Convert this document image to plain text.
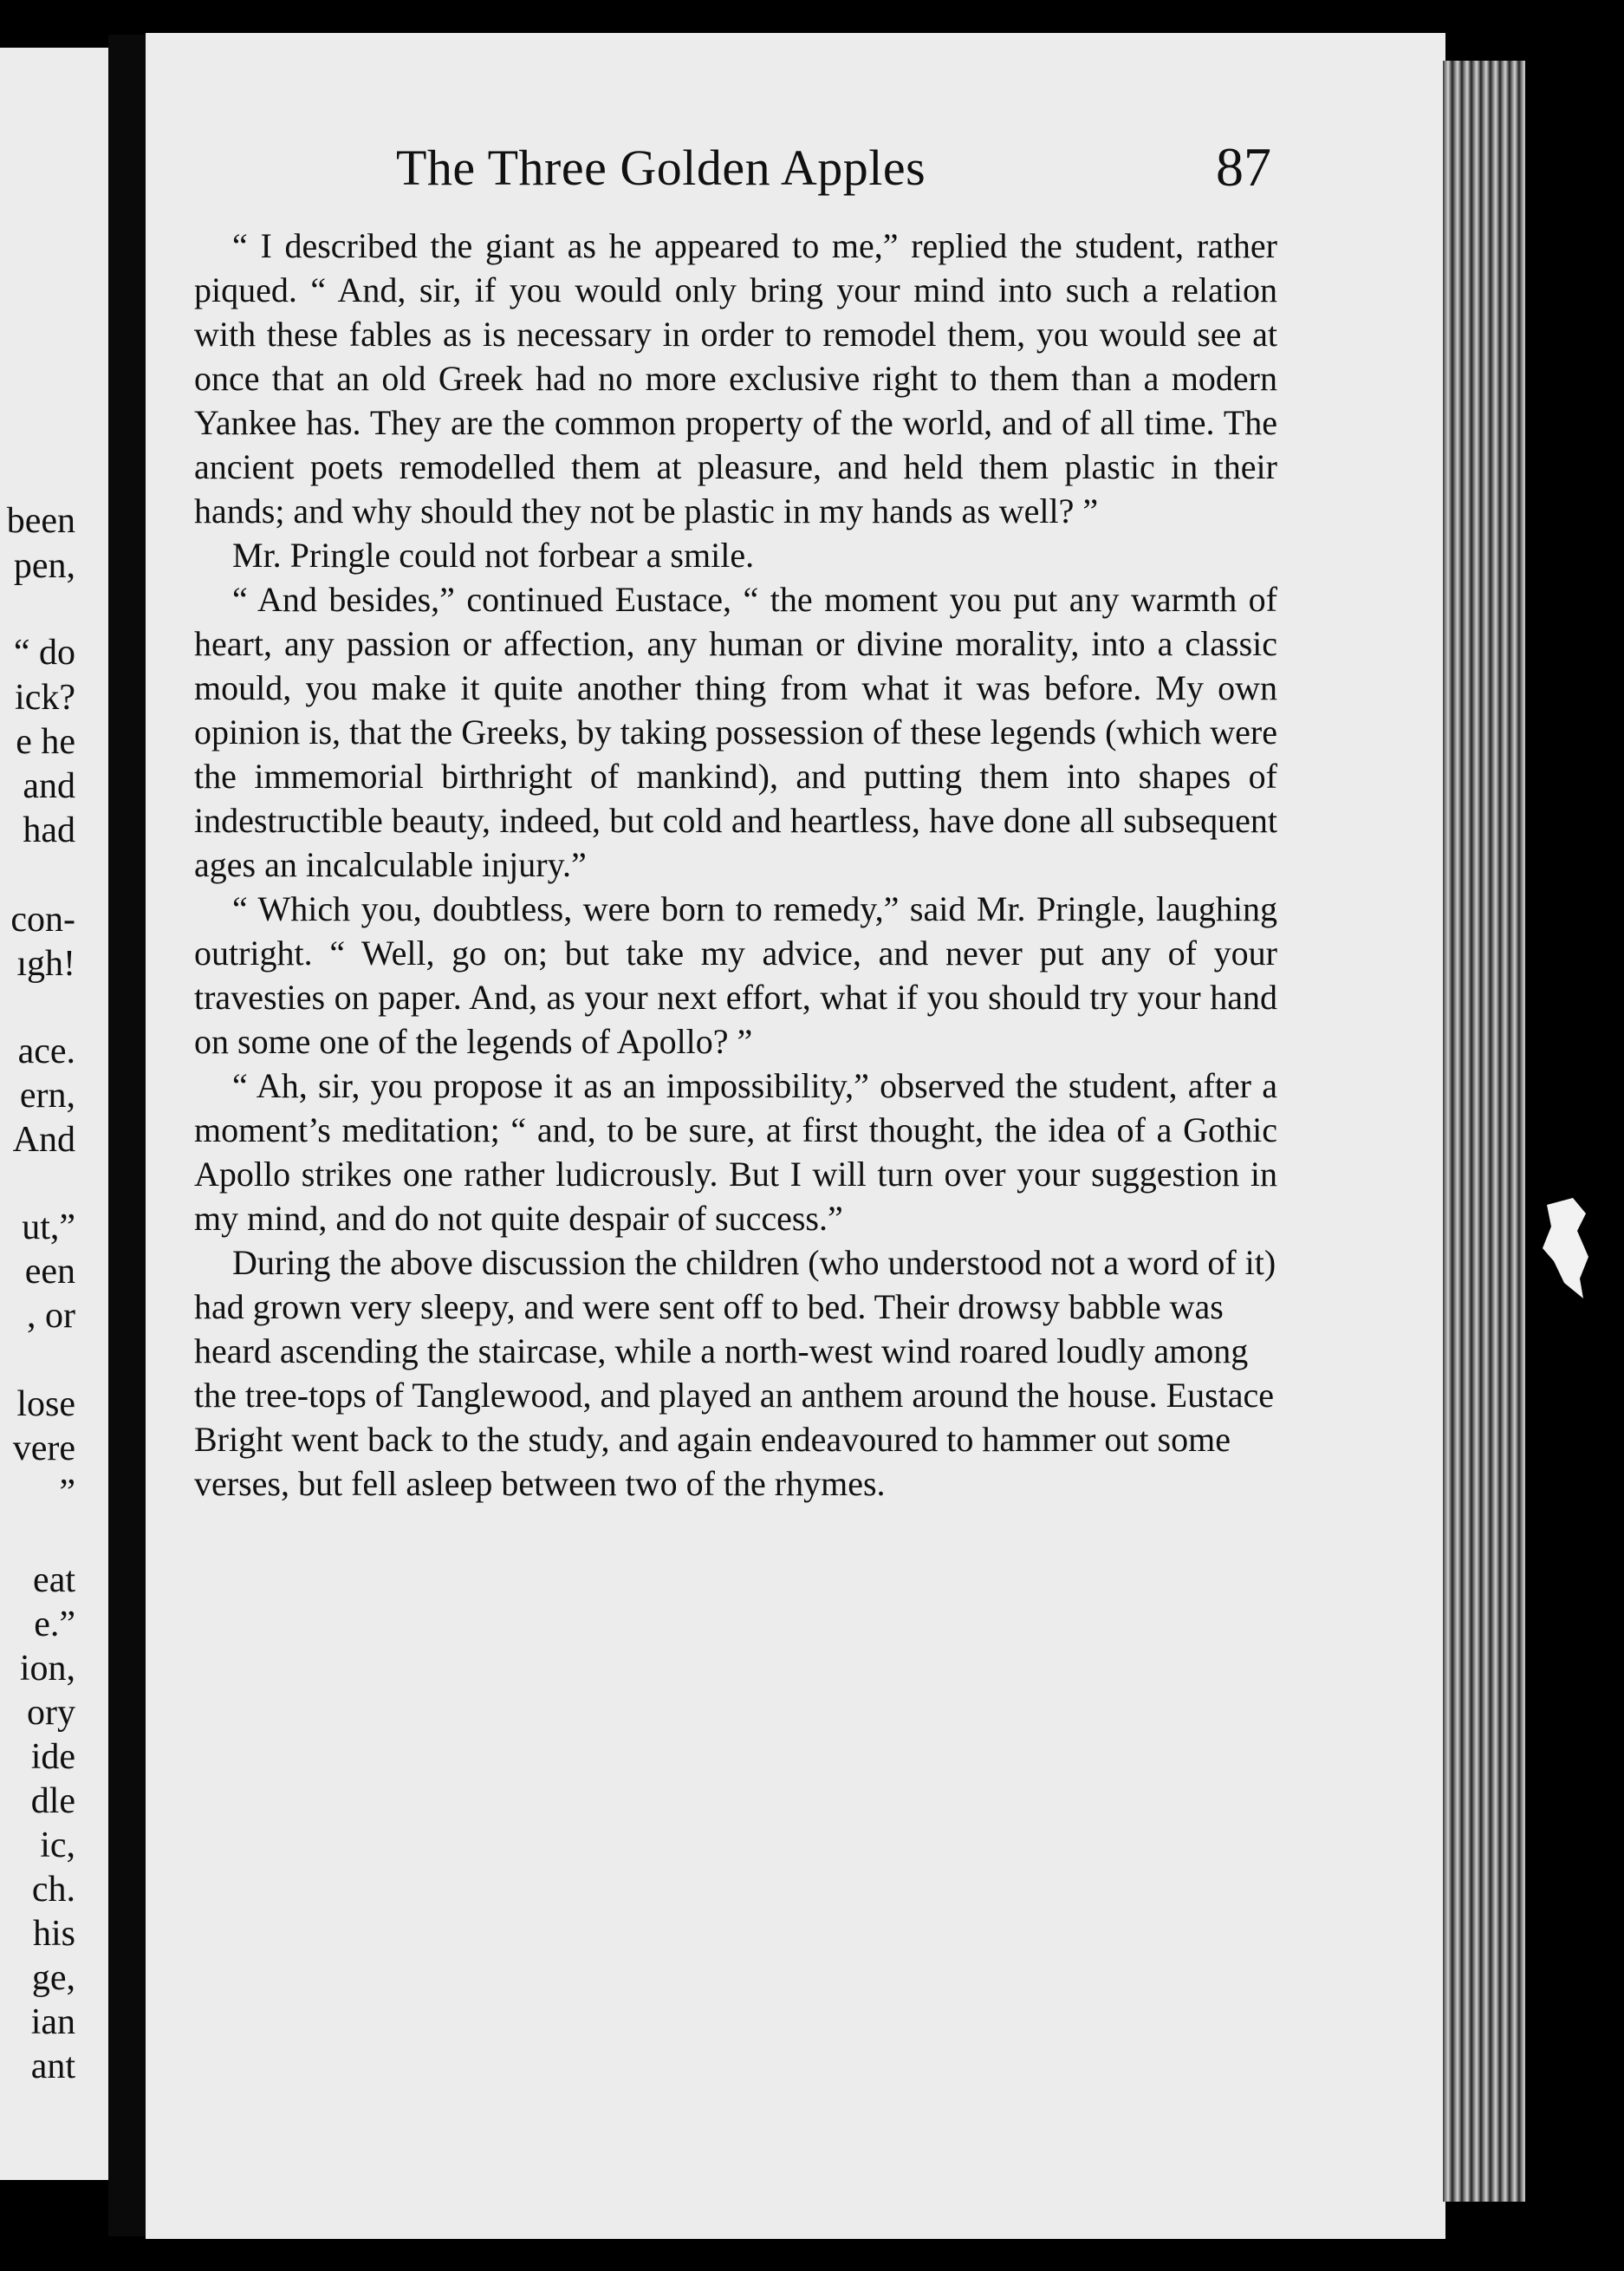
been
pen,
“ do
ick?
e he
and
had
con-
ıgh!
ace.
ern,
And
ut,”
een
, or
lose
vere
”
eat
e.”
ion,
ory
ide
dle
ic,
ch.
his
ge,
ian
ant
The Three Golden Apples	87

“ I described the giant as he appeared to me,” replied the student, rather piqued. “ And, sir, if you would only bring your mind into such a relation with these fables as is necessary in order to remodel them, you would see at once that an old Greek had no more exclusive right to them than a modern Yankee has. They are the common property of the world, and of all time. The ancient poets remodelled them at pleasure, and held them plastic in their hands; and why should they not be plastic in my hands as well? ”

Mr. Pringle could not forbear a smile.

“ And besides,” continued Eustace, “ the moment you put any warmth of heart, any passion or affection, any human or divine morality, into a classic mould, you make it quite another thing from what it was before. My own opinion is, that the Greeks, by taking possession of these legends (which were the immemorial birthright of mankind), and putting them into shapes of indestructible beauty, indeed, but cold and heartless, have done all subsequent ages an incalculable injury.”

“ Which you, doubtless, were born to remedy,” said Mr. Pringle, laughing outright. “ Well, go on; but take my advice, and never put any of your travesties on paper. And, as your next effort, what if you should try your hand on some one of the legends of Apollo? ”

“ Ah, sir, you propose it as an impossibility,” observed the student, after a moment’s meditation; “ and, to be sure, at first thought, the idea of a Gothic Apollo strikes one rather ludicrously. But I will turn over your suggestion in my mind, and do not quite despair of success.”

During the above discussion the children (who understood not a word of it) had grown very sleepy, and were sent off to bed. Their drowsy babble was heard ascending the staircase, while a north-west wind roared loudly among the tree-tops of Tanglewood, and played an anthem around the house. Eustace Bright went back to the study, and again endeavoured to hammer out some verses, but fell asleep between two of the rhymes.
